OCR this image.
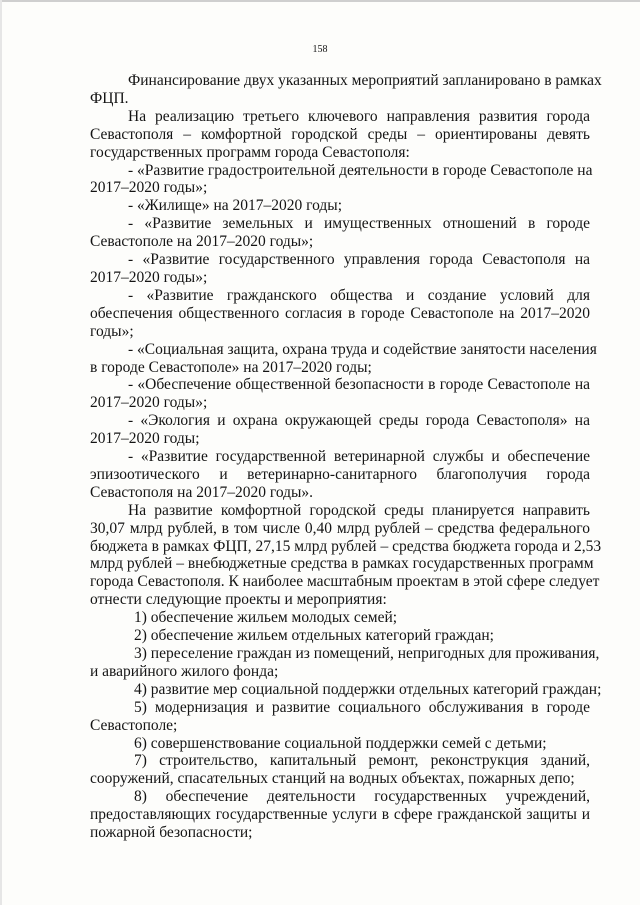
158
Финансирование двух указанных мероприятий запланировано в рамках
ФЦП.
На реализацию третьего ключевого направления развития города
Севастополя – комфортной городской среды – ориентированы девять
государственных программ города Севастополя:
- «Развитие градостроительной деятельности в городе Севастополе на
2017–2020 годы»;
- «Жилище» на 2017–2020 годы;
- «Развитие земельных и имущественных отношений в городе
Севастополе на 2017–2020 годы»;
- «Развитие государственного управления города Севастополя на
2017–2020 годы»;
- «Развитие гражданского общества и создание условий для
обеспечения общественного согласия в городе Севастополе на 2017–2020
годы»;
- «Социальная защита, охрана труда и содействие занятости населения
в городе Севастополе» на 2017–2020 годы;
- «Обеспечение общественной безопасности в городе Севастополе на
2017–2020 годы»;
- «Экология и охрана окружающей среды города Севастополя» на
2017–2020 годы;
- «Развитие государственной ветеринарной службы и обеспечение
эпизоотического и ветеринарно-санитарного благополучия города
Севастополя на 2017–2020 годы».
На развитие комфортной городской среды планируется направить
30,07 млрд рублей, в том числе 0,40 млрд рублей – средства федерального
бюджета в рамках ФЦП, 27,15 млрд рублей – средства бюджета города и 2,53
млрд рублей – внебюджетные средства в рамках государственных программ
города Севастополя. К наиболее масштабным проектам в этой сфере следует
отнести следующие проекты и мероприятия:
1) обеспечение жильем молодых семей;
2) обеспечение жильем отдельных категорий граждан;
3) переселение граждан из помещений, непригодных для проживания,
и аварийного жилого фонда;
4) развитие мер социальной поддержки отдельных категорий граждан;
5) модернизация и развитие социального обслуживания в городе
Севастополе;
6) совершенствование социальной поддержки семей с детьми;
7) строительство, капитальный ремонт, реконструкция зданий,
сооружений, спасательных станций на водных объектах, пожарных депо;
8) обеспечение деятельности государственных учреждений,
предоставляющих государственные услуги в сфере гражданской защиты и
пожарной безопасности;
